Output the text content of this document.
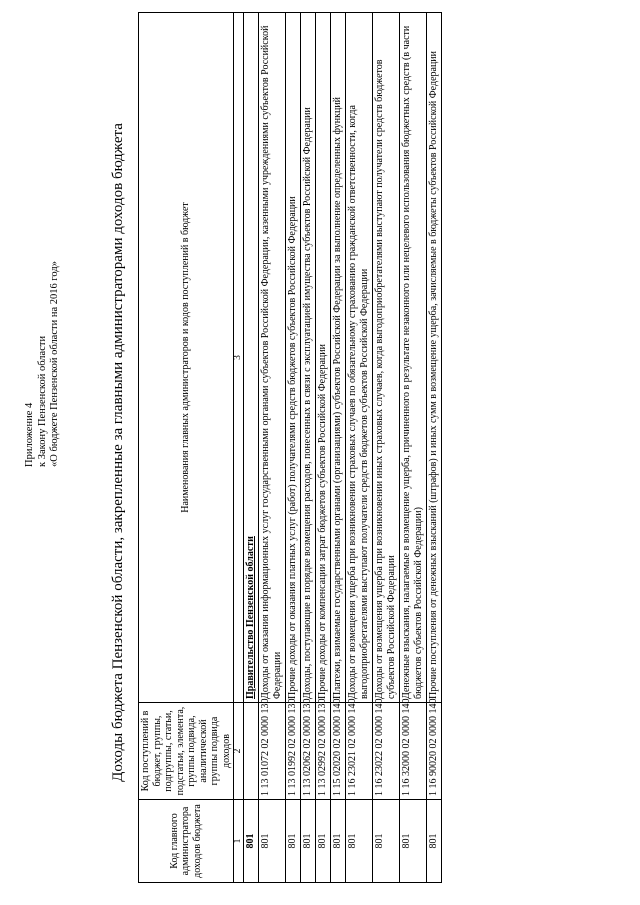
Приложение 4 к Закону Пензенской области «О бюджете Пензенской области на 2016 год»	Доходы бюджета Пензенской области, закрепленные за главными администраторами доходов бюджета
Код главного администратора доходов бюджета	Код поступлений в бюджет, группы, подгруппы, статьи, подстатьи, элемента, группы подвида, аналитической группы подвида доходов	Наименования главных администраторов и кодов поступлений в бюджет
1	2	3
801		Правительство Пензенской области
801	1 13 01072 02 0000 130	Доходы от оказания информационных услуг государственными органами субъектов Российской Федерации, казенными учреждениями субъектов Российской Федерации
801	1 13 01992 02 0000 130	Прочие доходы от оказания платных услуг (работ) получателями средств бюджетов субъектов Российской Федерации
801	1 13 02062 02 0000 130	Доходы, поступающие в порядке возмещения расходов, понесенных в связи с эксплуатацией имущества субъектов Российской Федерации
801	1 13 02992 02 0000 130	Прочие доходы от компенсации затрат бюджетов субъектов Российской Федерации
801	1 15 02020 02 0000 140	Платежи, взимаемые государственными органами (организациями) субъектов Российской Федерации за выполнение определенных функций
801	1 16 23021 02 0000 140	Доходы от возмещения ущерба при возникновении страховых случаев по обязательному страхованию гражданской ответственности, когда выгодоприобретателями выступают получатели средств бюджетов субъектов Российской Федерации
801	1 16 23022 02 0000 140	Доходы от возмещения ущерба при возникновении иных страховых случаев, когда выгодоприобретателями выступают получатели средств бюджетов субъектов Российской Федерации
801	1 16 32000 02 0000 140	Денежные взыскания, налагаемые в возмещение ущерба, причиненного в результате незаконного или нецелевого использования бюджетных средств (в части бюджетов субъектов Российской Федерации)
801	1 16 90020 02 0000 140	Прочие поступления от денежных взысканий (штрафов) и иных сумм в возмещение ущерба, зачисляемые в бюджеты субъектов Российской Федерации
